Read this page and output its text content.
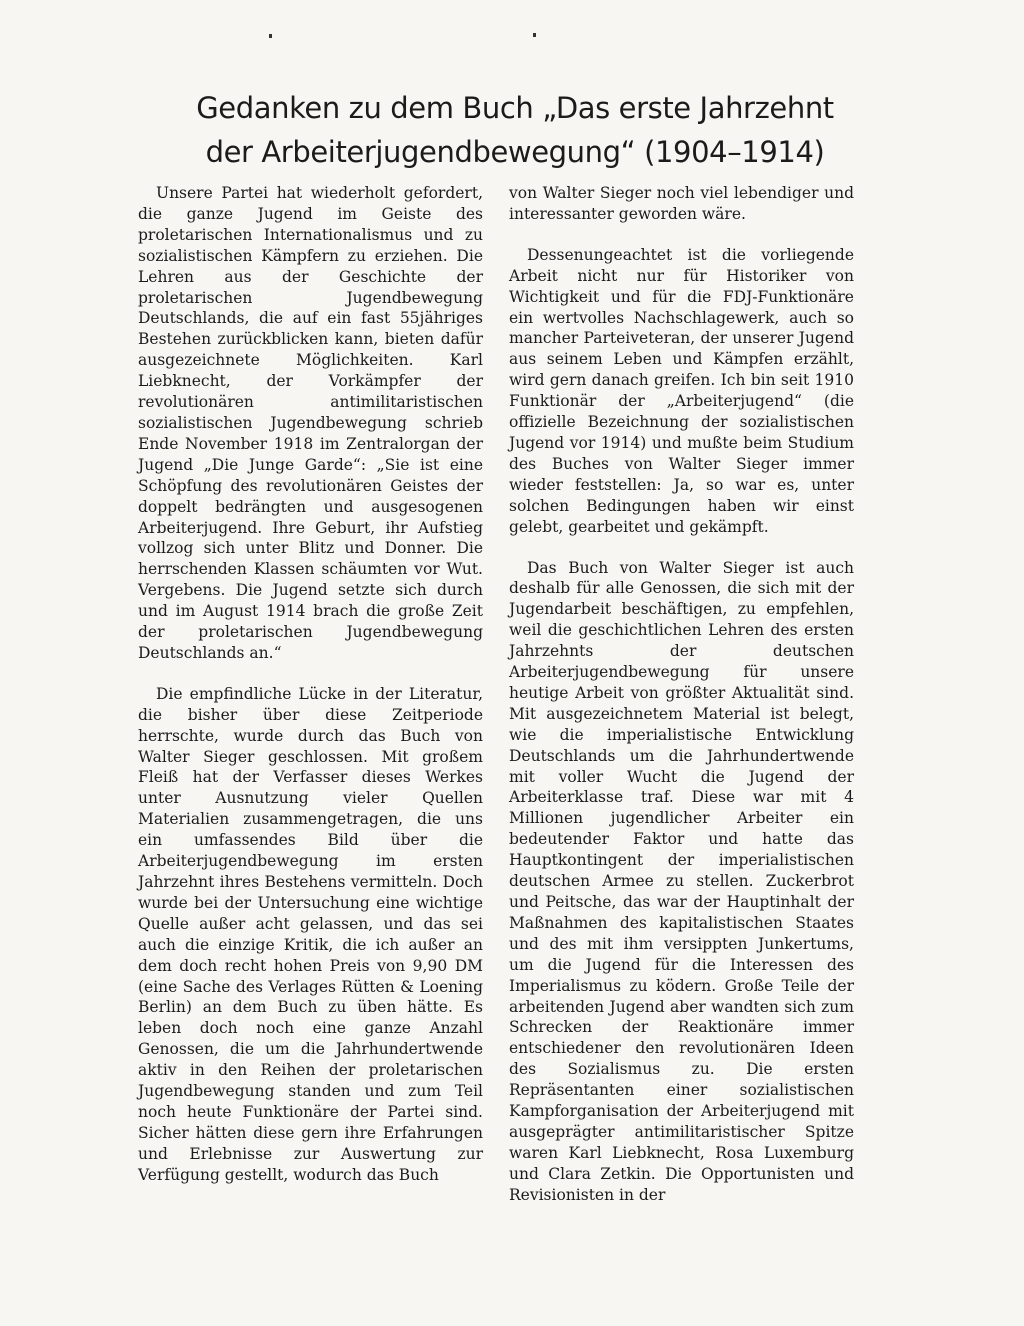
Gedanken zu dem Buch „Das erste Jahrzehnt
der Arbeiterjugendbewegung“ (1904–1914)

Unsere Partei hat wiederholt gefordert, die ganze Jugend im Geiste des proletarischen Internationalismus und zu sozialistischen Kämpfern zu erziehen. Die Lehren aus der Geschichte der proletarischen Jugendbewegung Deutschlands, die auf ein fast 55jähriges Bestehen zurückblicken kann, bieten dafür ausgezeichnete Möglichkeiten. Karl Liebknecht, der Vorkämpfer der revolutionären antimilitaristischen sozialistischen Jugendbewegung schrieb Ende November 1918 im Zentralorgan der Jugend „Die Junge Garde“: „Sie ist eine Schöpfung des revolutionären Geistes der doppelt bedrängten und ausgesogenen Arbeiterjugend. Ihre Geburt, ihr Aufstieg vollzog sich unter Blitz und Donner. Die herrschenden Klassen schäumten vor Wut. Vergebens. Die Jugend setzte sich durch und im August 1914 brach die große Zeit der proletarischen Jugendbewegung Deutschlands an.“

Die empfindliche Lücke in der Literatur, die bisher über diese Zeitperiode herrschte, wurde durch das Buch von Walter Sieger geschlossen. Mit großem Fleiß hat der Verfasser dieses Werkes unter Ausnutzung vieler Quellen Materialien zusammengetragen, die uns ein umfassendes Bild über die Arbeiterjugendbewegung im ersten Jahrzehnt ihres Bestehens vermitteln. Doch wurde bei der Untersuchung eine wichtige Quelle außer acht gelassen, und das sei auch die einzige Kritik, die ich außer an dem doch recht hohen Preis von 9,90 DM (eine Sache des Verlages Rütten & Loening Berlin) an dem Buch zu üben hätte. Es leben doch noch eine ganze Anzahl Genossen, die um die Jahrhundertwende aktiv in den Reihen der proletarischen Jugendbewegung standen und zum Teil noch heute Funktionäre der Partei sind. Sicher hätten diese gern ihre Erfahrungen und Erlebnisse zur Auswertung zur Verfügung gestellt, wodurch das Buch

von Walter Sieger noch viel lebendiger und interessanter geworden wäre.

Dessenungeachtet ist die vorliegende Arbeit nicht nur für Historiker von Wichtigkeit und für die FDJ-Funktionäre ein wertvolles Nachschlagewerk, auch so mancher Parteiveteran, der unserer Jugend aus seinem Leben und Kämpfen erzählt, wird gern danach greifen. Ich bin seit 1910 Funktionär der „Arbeiterjugend“ (die offizielle Bezeichnung der sozialistischen Jugend vor 1914) und mußte beim Studium des Buches von Walter Sieger immer wieder feststellen: Ja, so war es, unter solchen Bedingungen haben wir einst gelebt, gearbeitet und gekämpft.

Das Buch von Walter Sieger ist auch deshalb für alle Genossen, die sich mit der Jugendarbeit beschäftigen, zu empfehlen, weil die geschichtlichen Lehren des ersten Jahrzehnts der deutschen Arbeiterjugendbewegung für unsere heutige Arbeit von größter Aktualität sind. Mit ausgezeichnetem Material ist belegt, wie die imperialistische Entwicklung Deutschlands um die Jahrhundertwende mit voller Wucht die Jugend der Arbeiterklasse traf. Diese war mit 4 Millionen jugendlicher Arbeiter ein bedeutender Faktor und hatte das Hauptkontingent der imperialistischen deutschen Armee zu stellen. Zuckerbrot und Peitsche, das war der Hauptinhalt der Maßnahmen des kapitalistischen Staates und des mit ihm versippten Junkertums, um die Jugend für die Interessen des Imperialismus zu ködern. Große Teile der arbeitenden Jugend aber wandten sich zum Schrecken der Reaktionäre immer entschiedener den revolutionären Ideen des Sozialismus zu. Die ersten Repräsentanten einer sozialistischen Kampforganisation der Arbeiterjugend mit ausgeprägter antimilitaristischer Spitze waren Karl Liebknecht, Rosa Luxemburg und Clara Zetkin. Die Opportunisten und Revisionisten in der
